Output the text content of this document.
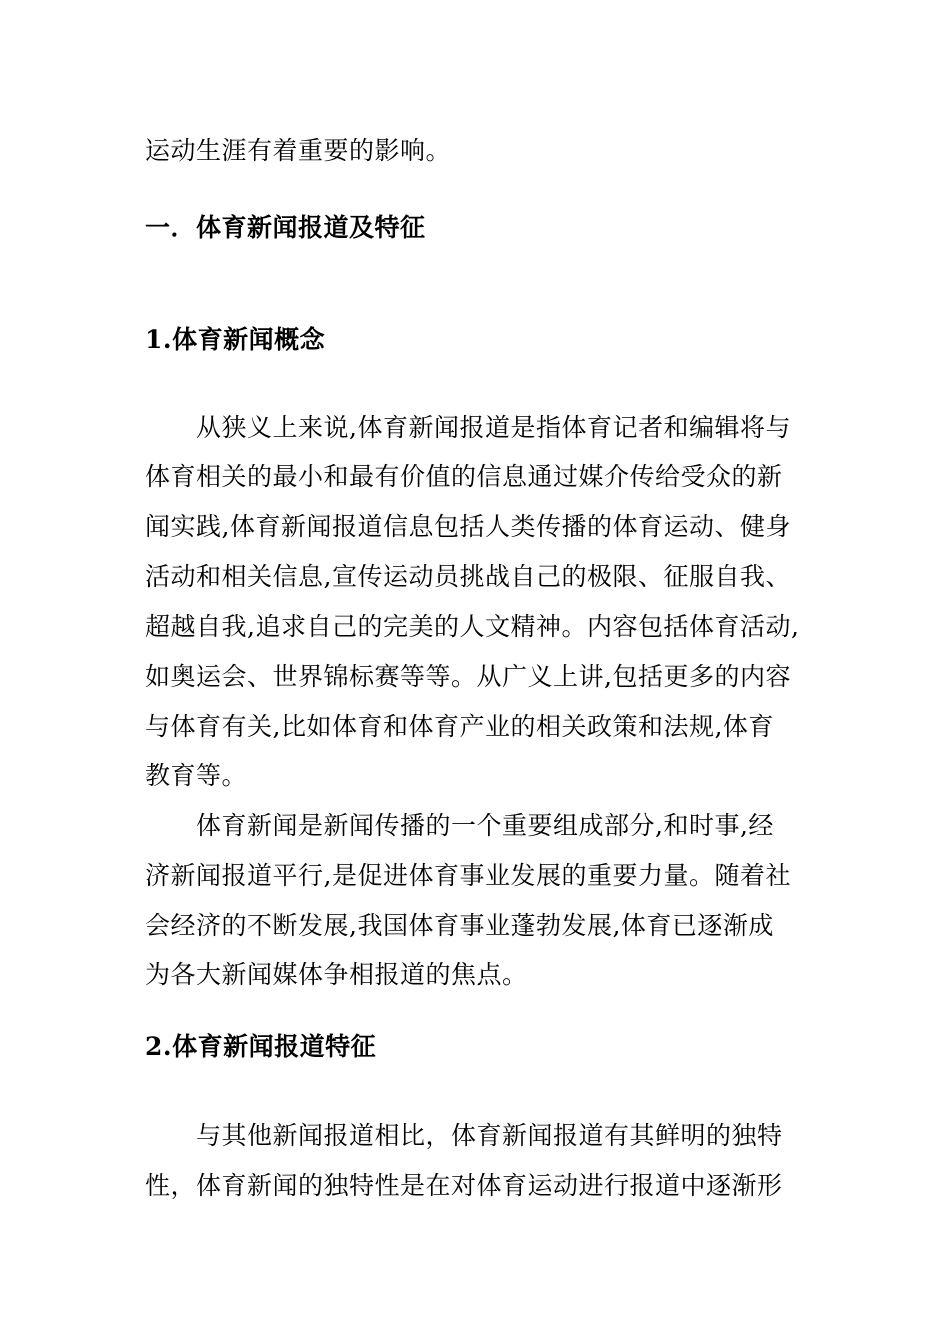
运动生涯有着重要的影响。
一．体育新闻报道及特征
1.体育新闻概念
从狭义上来说,体育新闻报道是指体育记者和编辑将与
体育相关的最小和最有价值的信息通过媒介传给受众的新
闻实践,体育新闻报道信息包括人类传播的体育运动、健身
活动和相关信息,宣传运动员挑战自己的极限、征服自我、
超越自我,追求自己的完美的人文精神。内容包括体育活动,
如奥运会、世界锦标赛等等。从广义上讲,包括更多的内容
与体育有关,比如体育和体育产业的相关政策和法规,体育
教育等。
体育新闻是新闻传播的一个重要组成部分,和时事,经
济新闻报道平行,是促进体育事业发展的重要力量。随着社
会经济的不断发展,我国体育事业蓬勃发展,体育已逐渐成
为各大新闻媒体争相报道的焦点。
2.体育新闻报道特征
与其他新闻报道相比，体育新闻报道有其鲜明的独特
性，体育新闻的独特性是在对体育运动进行报道中逐渐形
